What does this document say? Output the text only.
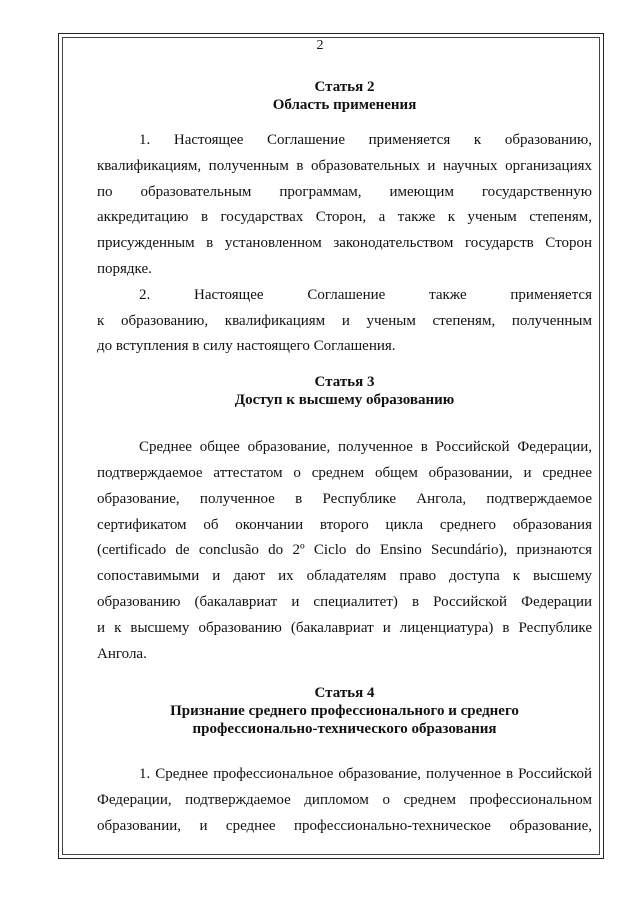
2

Статья 2

Область применения

1. Настоящее Соглашение применяется к образованию,

квалификациям, полученным в образовательных и научных организациях

по образовательным программам, имеющим государственную

аккредитацию в государствах Сторон, а также к ученым степеням,

присужденным в установленном законодательством государств Сторон

порядке.

2. Настоящее Соглашение также применяется

к образованию, квалификациям и ученым степеням, полученным

до вступления в силу настоящего Соглашения.

Статья 3

Доступ к высшему образованию

Среднее общее образование, полученное в Российской Федерации,

подтверждаемое аттестатом о среднем общем образовании, и среднее

образование, полученное в Республике Ангола, подтверждаемое

сертификатом об окончании второго цикла среднего образования

(certificado de conclusão do 2º Ciclo do Ensino Secundário), признаются

сопоставимыми и дают их обладателям право доступа к высшему

образованию (бакалавриат и специалитет) в Российской Федерации

и к высшему образованию (бакалавриат и лиценциатура) в Республике

Ангола.

Статья 4

Признание среднего профессионального и среднего

профессионально-технического образования

1. Среднее профессиональное образование, полученное в Российской

Федерации, подтверждаемое дипломом о среднем профессиональном

образовании, и среднее профессионально-техническое образование,
